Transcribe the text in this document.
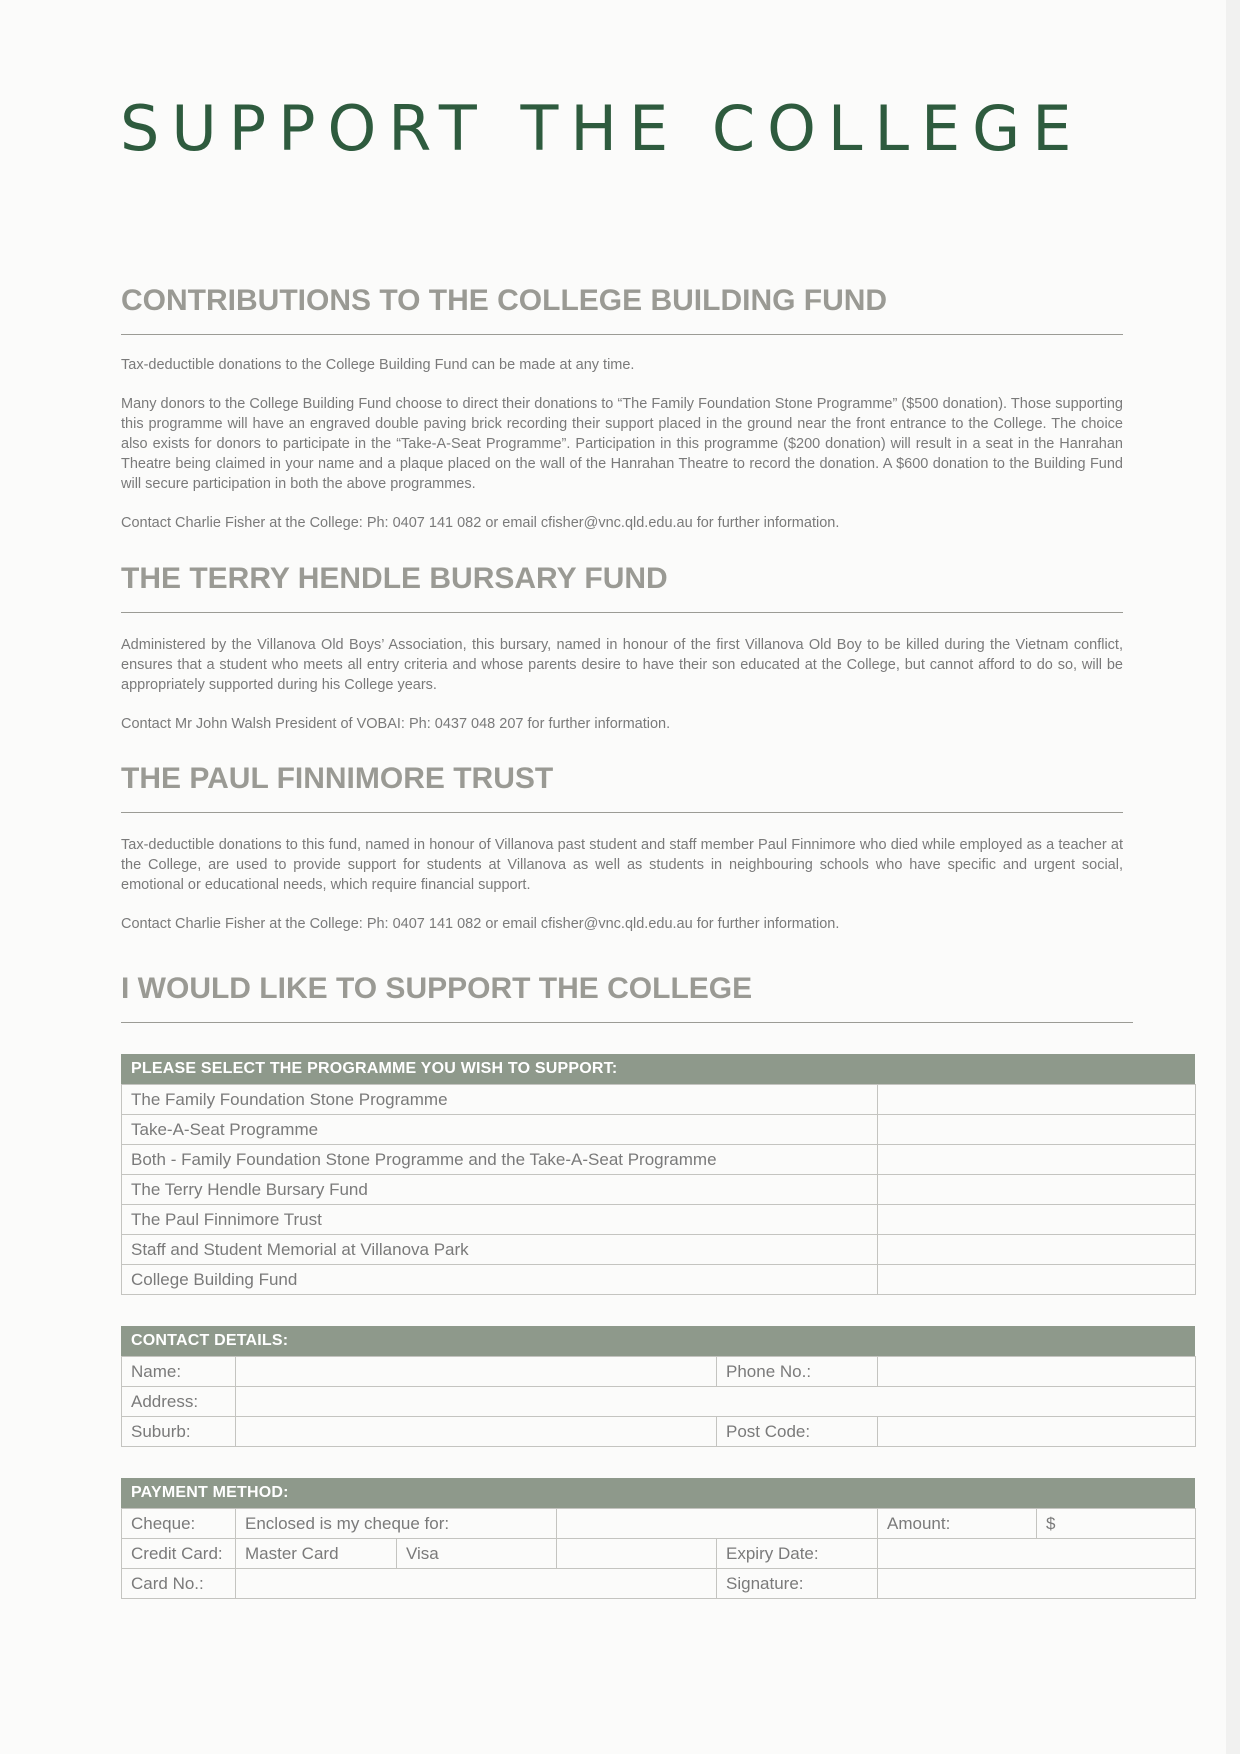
SUPPORT THE COLLEGE
CONTRIBUTIONS TO THE COLLEGE BUILDING FUND

Tax-deductible donations to the College Building Fund can be made at any time.

Many donors to the College Building Fund choose to direct their donations to “The Family Foundation Stone Programme” ($500 donation). Those supporting this programme will have an engraved double paving brick recording their support placed in the ground near the front entrance to the College. The choice also exists for donors to participate in the “Take-A-Seat Programme”. Participation in this programme ($200 donation) will result in a seat in the Hanrahan Theatre being claimed in your name and a plaque placed on the wall of the Hanrahan Theatre to record the donation. A $600 donation to the Building Fund will secure participation in both the above programmes.

Contact Charlie Fisher at the College: Ph: 0407 141 082 or email cfisher@vnc.qld.edu.au for further information.

THE TERRY HENDLE BURSARY FUND

Administered by the Villanova Old Boys’ Association, this bursary, named in honour of the first Villanova Old Boy to be killed during the Vietnam conflict, ensures that a student who meets all entry criteria and whose parents desire to have their son educated at the College, but cannot afford to do so, will be appropriately supported during his College years.

Contact Mr John Walsh President of VOBAI: Ph: 0437 048 207 for further information.

THE PAUL FINNIMORE TRUST

Tax-deductible donations to this fund, named in honour of Villanova past student and staff member Paul Finnimore who died while employed as a teacher at the College, are used to provide support for students at Villanova as well as students in neighbouring schools who have specific and urgent social, emotional or educational needs, which require financial support.

Contact Charlie Fisher at the College: Ph: 0407 141 082 or email cfisher@vnc.qld.edu.au for further information.

I WOULD LIKE TO SUPPORT THE COLLEGE
PLEASE SELECT THE PROGRAMME YOU WISH TO SUPPORT:
The Family Foundation Stone Programme	
Take-A-Seat Programme	
Both - Family Foundation Stone Programme and the Take-A-Seat Programme	
The Terry Hendle Bursary Fund	
The Paul Finnimore Trust	
Staff and Student Memorial at Villanova Park	
College Building Fund	
CONTACT DETAILS:
Name:		Phone No.:	
Address:			
Suburb:		Post Code:	
PAYMENT METHOD:
Cheque:	Enclosed is my cheque for:				Amount:	$
Credit Card:	Master Card	Visa		Expiry Date:		
Card No.:				Signature:		
